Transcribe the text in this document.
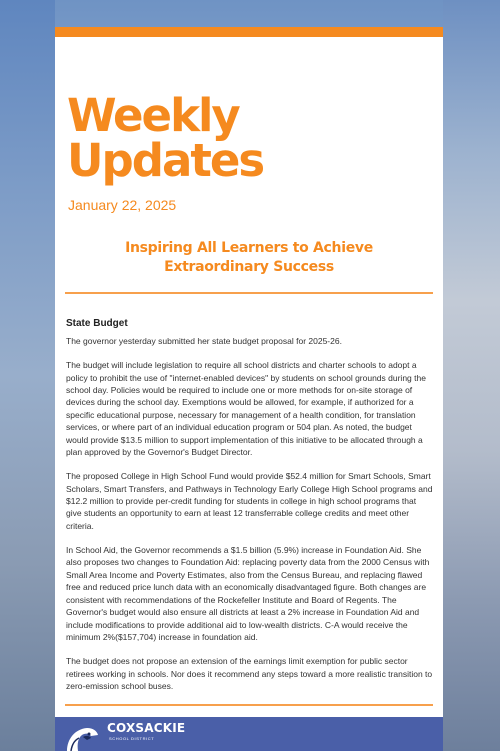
Weekly Updates
January 22, 2025
Inspiring All Learners to Achieve Extraordinary Success
State Budget

The governor yesterday submitted her state budget proposal for 2025-26.

The budget will include legislation to require all school districts and charter schools to adopt a policy to prohibit the use of "internet-enabled devices" by students on school grounds during the school day. Policies would be required to include one or more methods for on-site storage of devices during the school day. Exemptions would be allowed, for example, if authorized for a specific educational purpose, necessary for management of a health condition, for translation services, or where part of an individual education program or 504 plan. As noted, the budget would provide $13.5 million to support implementation of this initiative to be allocated through a plan approved by the Governor's Budget Director.

The proposed College in High School Fund would provide $52.4 million for Smart Schools, Smart Scholars, Smart Transfers, and Pathways in Technology Early College High School programs and $12.2 million to provide per-credit funding for students in college in high school programs that give students an opportunity to earn at least 12 transferrable college credits and meet other criteria.

In School Aid, the Governor recommends a $1.5 billion (5.9%) increase in Foundation Aid. She also proposes two changes to Foundation Aid: replacing poverty data from the 2000 Census with Small Area Income and Poverty Estimates, also from the Census Bureau, and replacing flawed free and reduced price lunch data with an economically disadvantaged figure. Both changes are consistent with recommendations of the Rockefeller Institute and Board of Regents. The Governor's budget would also ensure all districts at least a 2% increase in Foundation Aid and include modifications to provide additional aid to low-wealth districts. C-A would receive the minimum 2%($157,704) increase in foundation aid.

The budget does not propose an extension of the earnings limit exemption for public sector retirees working in schools. Nor does it recommend any steps toward a more realistic transition to zero-emission school buses.

COXSACKIE
SCHOOL DISTRICT
